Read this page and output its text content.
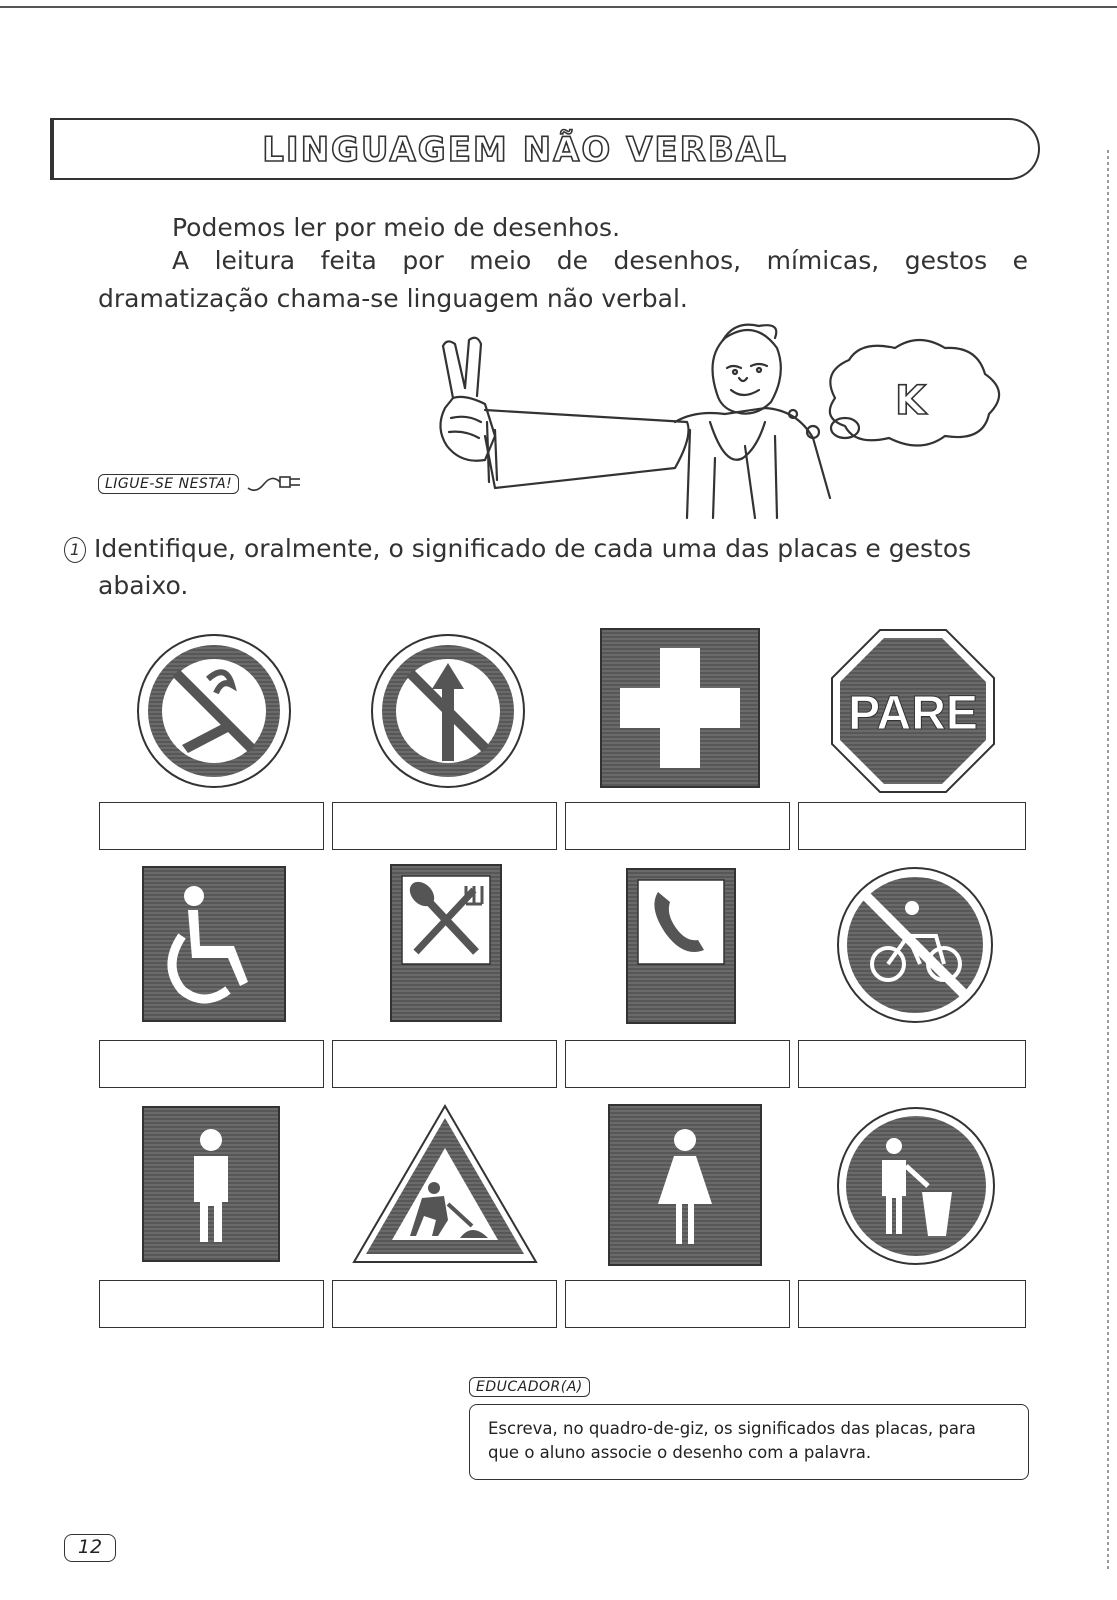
LINGUAGEM NÃO VERBAL
Podemos ler por meio de desenhos.
A leitura feita por meio de desenhos, mímicas, gestos e
dramatização chama-se linguagem não verbal.
K
LIGUE-SE NESTA!
1 Identifique, oralmente, o significado de cada uma das placas e gestos
abaixo.
PARE
EDUCADOR(A)
Escreva, no quadro-de-giz, os significados das placas, para
que o aluno associe o desenho com a palavra.
12
